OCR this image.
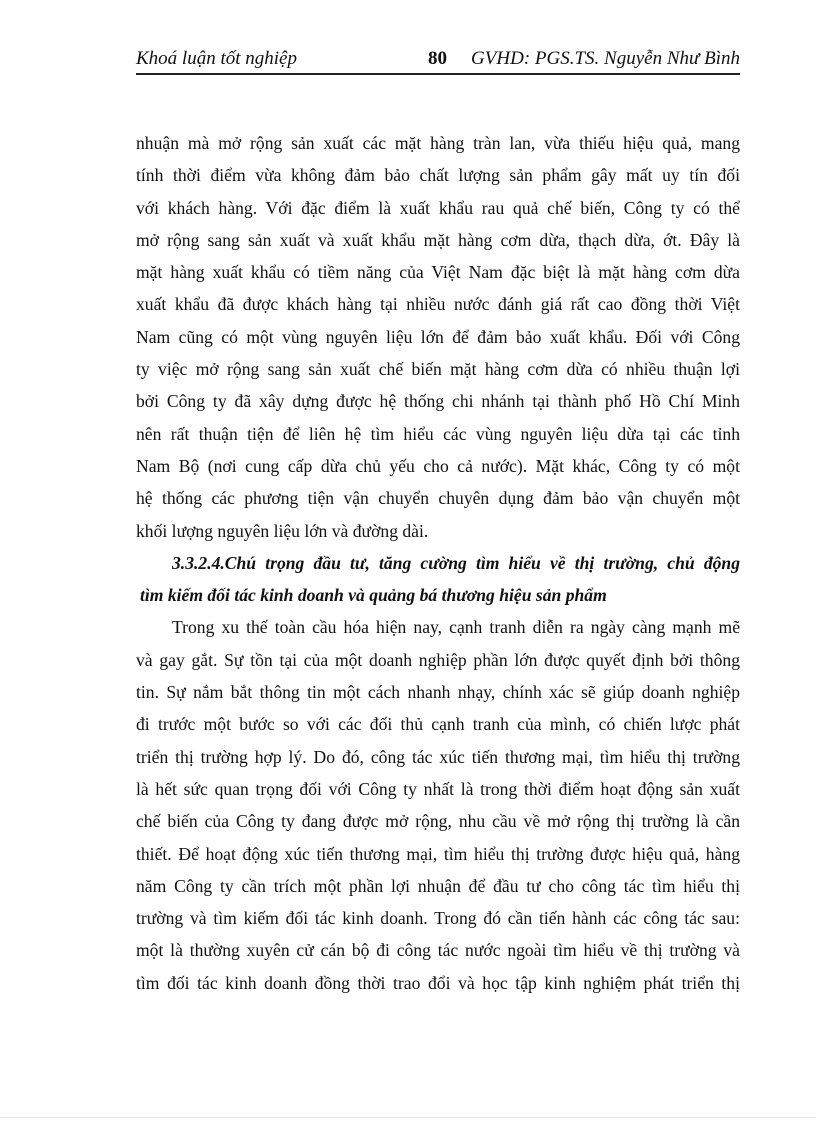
Khoá luận tốt nghiệp	80 GVHD: PGS.TS. Nguyễn Như Bình
nhuận mà mở rộng sản xuất các mặt hàng tràn lan, vừa thiếu hiệu quả, mang
tính thời điểm vừa không đảm bảo chất lượng sản phẩm gây mất uy tín đối
với khách hàng. Với đặc điểm là xuất khẩu rau quả chế biến, Công ty có thể
mở rộng sang sản xuất và xuất khẩu mặt hàng cơm dừa, thạch dừa, ớt. Đây là
mặt hàng xuất khẩu có tiềm năng của Việt Nam đặc biệt là mặt hàng cơm dừa
xuất khẩu đã được khách hàng tại nhiều nước đánh giá rất cao đồng thời Việt
Nam cũng có một vùng nguyên liệu lớn để đảm bảo xuất khẩu. Đối với Công
ty việc mở rộng sang sản xuất chế biến mặt hàng cơm dừa có nhiều thuận lợi
bởi Công ty đã xây dựng được hệ thống chi nhánh tại thành phố Hồ Chí Minh
nên rất thuận tiện để liên hệ tìm hiểu các vùng nguyên liệu dừa tại các tỉnh
Nam Bộ (nơi cung cấp dừa chủ yếu cho cả nước). Mặt khác, Công ty có một
hệ thống các phương tiện vận chuyển chuyên dụng đảm bảo vận chuyển một
khối lượng nguyên liệu lớn và đường dài.
3.3.2.4.Chú trọng đầu tư, tăng cường tìm hiểu về thị trường, chủ động
tìm kiếm đối tác kinh doanh và quảng bá thương hiệu sản phẩm
Trong xu thế toàn cầu hóa hiện nay, cạnh tranh diễn ra ngày càng mạnh mẽ
và gay gắt. Sự tồn tại của một doanh nghiệp phần lớn được quyết định bởi thông
tin. Sự nắm bắt thông tin một cách nhanh nhạy, chính xác sẽ giúp doanh nghiệp
đi trước một bước so với các đối thủ cạnh tranh của mình, có chiến lược phát
triển thị trường hợp lý. Do đó, công tác xúc tiến thương mại, tìm hiểu thị trường
là hết sức quan trọng đối với Công ty nhất là trong thời điểm hoạt động sản xuất
chế biến của Công ty đang được mở rộng, nhu cầu về mở rộng thị trường là cần
thiết. Để hoạt động xúc tiến thương mại, tìm hiểu thị trường được hiệu quả, hàng
năm Công ty cần trích một phần lợi nhuận để đầu tư cho công tác tìm hiểu thị
trường và tìm kiếm đối tác kinh doanh. Trong đó cần tiến hành các công tác sau:
một là thường xuyên cử cán bộ đi công tác nước ngoài tìm hiểu về thị trường và
tìm đối tác kinh doanh đồng thời trao đổi và học tập kinh nghiệm phát triển thị
